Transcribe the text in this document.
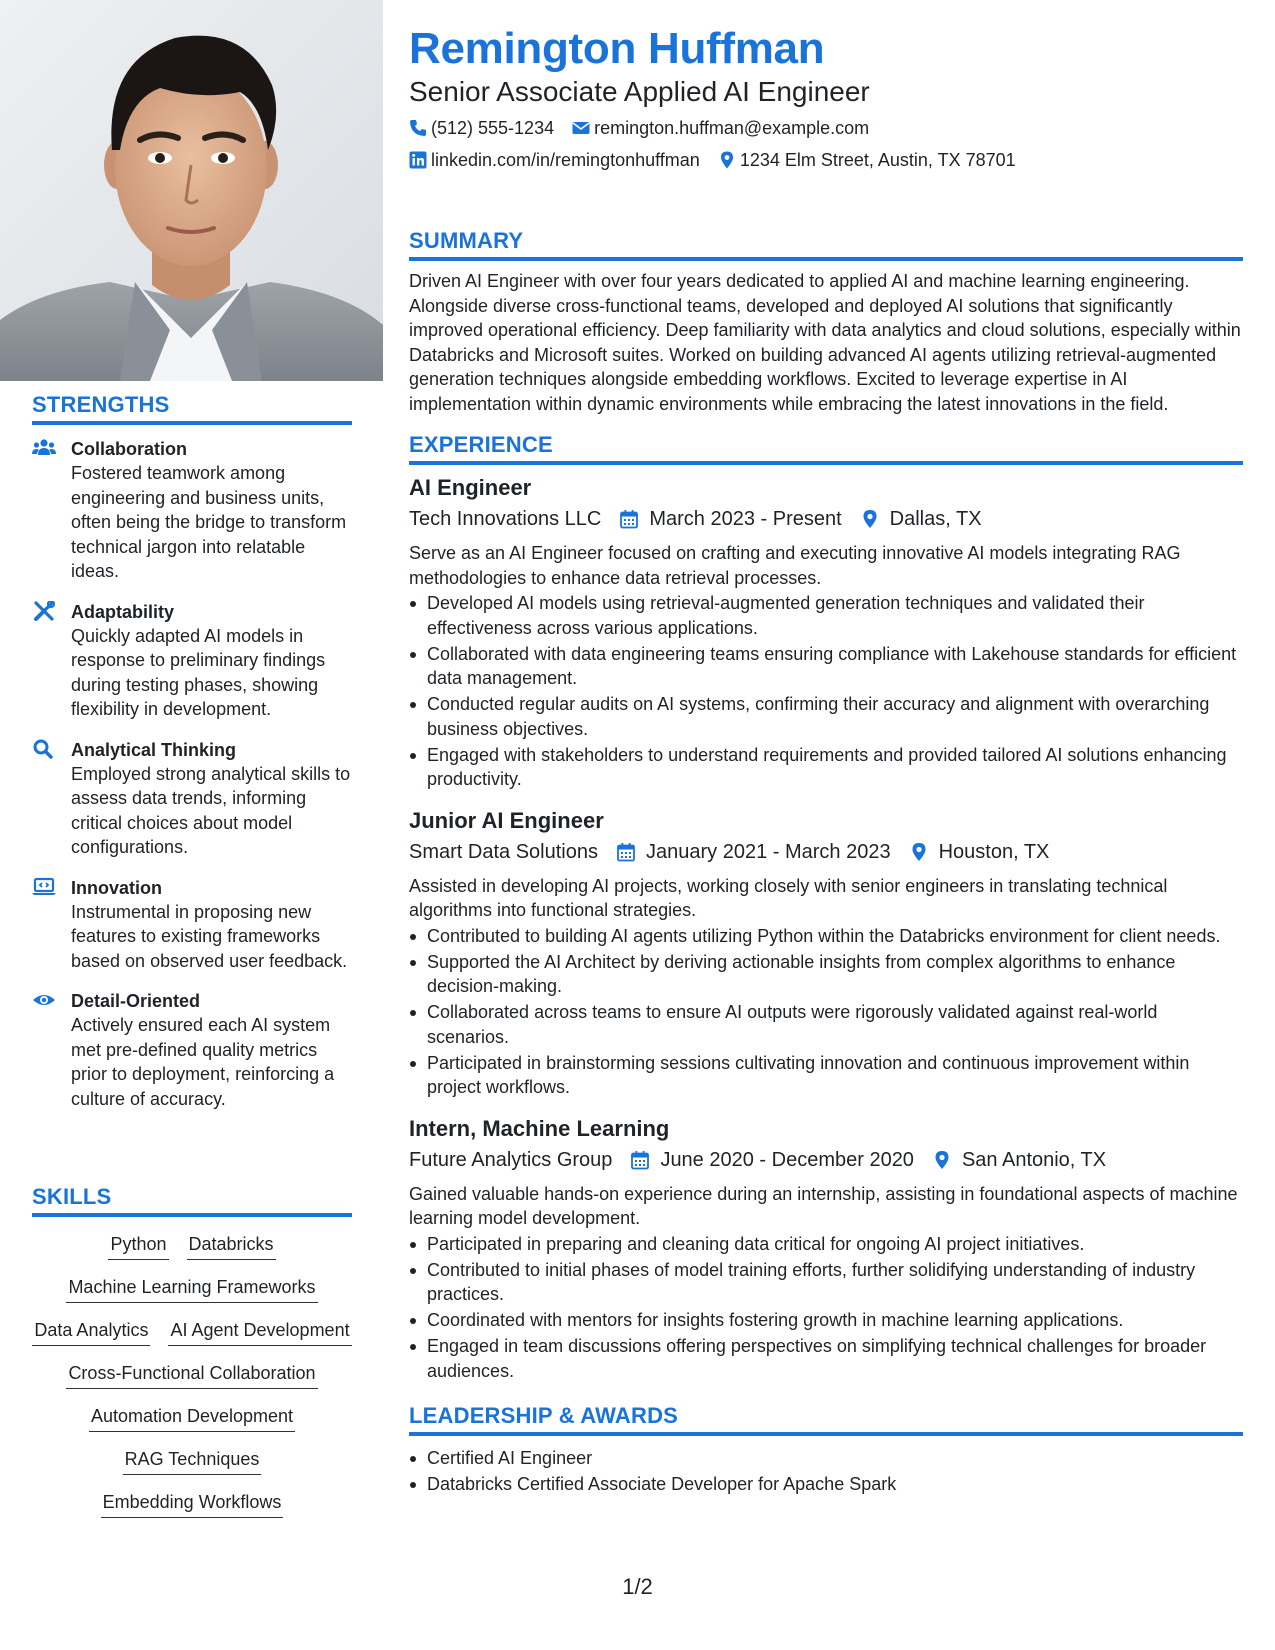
STRENGTHS
Collaboration
Fostered teamwork among engineering and business units, often being the bridge to transform technical jargon into relatable ideas.
Adaptability
Quickly adapted AI models in response to preliminary findings during testing phases, showing flexibility in development.
Analytical Thinking
Employed strong analytical skills to assess data trends, informing critical choices about model configurations.
Innovation
Instrumental in proposing new features to existing frameworks based on observed user feedback.
Detail-Oriented
Actively ensured each AI system met pre-defined quality metrics prior to deployment, reinforcing a culture of accuracy.
SKILLS
Python Databricks
Machine Learning Frameworks
Data Analytics AI Agent Development
Cross-Functional Collaboration
Automation Development
RAG Techniques
Embedding Workflows
Remington Huffman
Senior Associate Applied AI Engineer
(512) 555-1234 remington.huffman@example.com
linkedin.com/in/remingtonhuffman 1234 Elm Street, Austin, TX 78701
SUMMARY

Driven AI Engineer with over four years dedicated to applied AI and machine learning engineering. Alongside diverse cross-functional teams, developed and deployed AI solutions that significantly improved operational efficiency. Deep familiarity with data analytics and cloud solutions, especially within Databricks and Microsoft suites. Worked on building advanced AI agents utilizing retrieval-augmented generation techniques alongside embedding workflows. Excited to leverage expertise in AI implementation within dynamic environments while embracing the latest innovations in the field.

EXPERIENCE
AI Engineer
Tech Innovations LLC March 2023 - Present Dallas, TX

Serve as an AI Engineer focused on crafting and executing innovative AI models integrating RAG methodologies to enhance data retrieval processes.

Developed AI models using retrieval-augmented generation techniques and validated their effectiveness across various applications.
Collaborated with data engineering teams ensuring compliance with Lakehouse standards for efficient data management.
Conducted regular audits on AI systems, confirming their accuracy and alignment with overarching business objectives.
Engaged with stakeholders to understand requirements and provided tailored AI solutions enhancing productivity.
Junior AI Engineer
Smart Data Solutions January 2021 - March 2023 Houston, TX

Assisted in developing AI projects, working closely with senior engineers in translating technical algorithms into functional strategies.

Contributed to building AI agents utilizing Python within the Databricks environment for client needs.
Supported the AI Architect by deriving actionable insights from complex algorithms to enhance decision-making.
Collaborated across teams to ensure AI outputs were rigorously validated against real-world scenarios.
Participated in brainstorming sessions cultivating innovation and continuous improvement within project workflows.
Intern, Machine Learning
Future Analytics Group June 2020 - December 2020 San Antonio, TX

Gained valuable hands-on experience during an internship, assisting in foundational aspects of machine learning model development.

Participated in preparing and cleaning data critical for ongoing AI project initiatives.
Contributed to initial phases of model training efforts, further solidifying understanding of industry practices.
Coordinated with mentors for insights fostering growth in machine learning applications.
Engaged in team discussions offering perspectives on simplifying technical challenges for broader audiences.
LEADERSHIP & AWARDS
Certified AI Engineer
Databricks Certified Associate Developer for Apache Spark
1/2
